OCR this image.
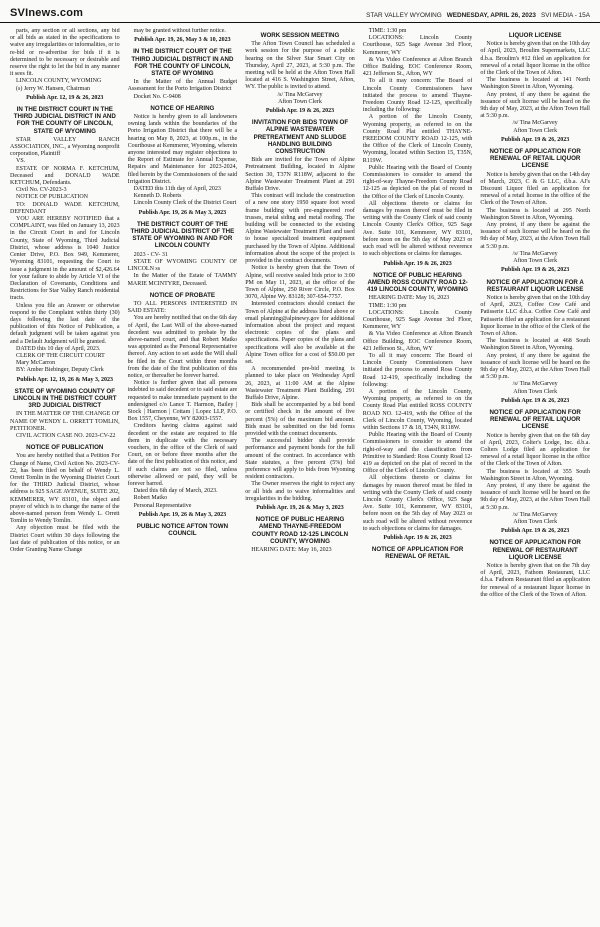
SVInews.com	STAR VALLEY WYOMING WEDNESDAY, APRIL 26, 2023 SVI MEDIA - 15A
parts, any section or all sections, any bid or all bids as stated in the specifications to waive any irregularities or informalities, or to re-bid or re-advertise for bids if it is determined to be necessary or desirable and reserve the right to let the bid in any manner it sees fit.
LINCOLN COUNTY, WYOMING
(s) Jerry W. Hansen, Chairman
Publish Apr. 12, 19 & 26, 2023
IN THE DISTRICT COURT IN THE THIRD JUDICIAL DISTRICT IN AND FOR THE COUNTY OF LINCOLN, STATE OF WYOMING
STAR VALLEY RANCH ASSOCIATION, INC., a Wyoming nonprofit corporation, Plaintiff
VS.
ESTATE OF NORMA F. KETCHUM, Deceased and DONALD WADE KETCHUM, Defendants.
Civil No. CV-2023-3
NOTICE OF PUBLICATION
TO: DONALD WADE KETCHUM, DEFENDANT
YOU ARE HEREBY NOTIFIED that a COMPLAINT, was filed on January 13, 2023 in the Circuit Court in and for Lincoln County, State of Wyoming, Third Judicial District, whose address is 1040 Justice Center Drive, P.O. Box 949, Kemmerer, Wyoming 83101, requesting the Court to issue a judgment in the amount of $2,426.64 for your failure to abide by Article VI of the Declaration of Covenants, Conditions and Restrictions for Star Valley Ranch residential tracts.
Unless you file an Answer or otherwise respond to the Complaint within thirty (30) days following the last date of the publication of this Notice of Publication, a default judgment will be taken against you and a Default Judgment will be granted.
DATED this 10 day of April, 2023.
CLERK OF THE CIRCUIT COURT
Mary McCarron
BY: Amber Biebinger, Deputy Clerk
Publish Apr. 12, 19, 26 & May 3, 2023
STATE OF WYOMING COUNTY OF LINCOLN IN THE DISTRICT COURT 3RD JUDICIAL DISTRICT
IN THE MATTER OF THE CHANGE OF NAME OF WENDY L. ORRETT TOMLIN, PETITIONER.
CIVIL ACTION CASE NO. 2023-CV-22
NOTICE OF PUBLICATION
You are hereby notified that a Petition For Change of Name, Civil Action No. 2023-CV-22, has been filed on behalf of Wendy L. Orrett Tomlin in the Wyoming District Court for the THIRD Judicial District, whose address is 925 SAGE AVENUE, SUITE 202, KEMMERER, WY 83101, the object and prayer of which is to change the name of the above-named person from Wendy L. Orrett Tomlin to Wendy Tomlin.
Any objection must be filed with the District Court within 30 days following the last date of publication of this notice, or an Order Granting Name Change
may be granted without further notice.
Publish Apr. 19, 26, May 3 & 10, 2023
IN THE DISTRICT COURT OF THE THIRD JUDICIAL DISTRICT IN AND FOR THE COUNTY OF LINCOLN, STATE OF WYOMING
In the Matter of the Annual Budget Assessment for the Porto Irrigation District
Docket No. C-9408
NOTICE OF HEARING
Notice is hereby given to all landowners owning lands within the boundaries of the Porto Irrigation District that there will be a hearing on May 8, 2023, at 100p.m., in the Courthouse at Kemmerer, Wyoming, wherein anyone interested may register objections to the Report of Estimate for Annual Expense, Repairs and Maintenance for 2023-2024, filed herein by the Commissioners of the said Irrigation District.
DATED this 11th day of April, 2023
Kenneth D. Roberts
Lincoln County Clerk of the District Court
Publish Apr. 19, 26 & May 3, 2023
THE DISTRICT COURT OF THE THIRD JUDICIAL DISTRICT OF THE STATE OF WYOMING IN AND FOR LINCOLN COUNTY
2023 - CV- 31
STATE OF WYOMING COUNTY OF LINCOLN ss
In the Matter of the Estate of TAMMY MARIE MCINTYRE, Deceased.
NOTICE OF PROBATE
TO ALL PERSONS INTERESTED IN SAID ESTATE:
You are hereby notified that on the 6th day of April, the Last Will of the above-named decedent was admitted to probate by the above-named court, and that Robert Matko was appointed as the Personal Representative thereof. Any action to set aside the Will shall be filed in the Court within three months from the date of the first publication of this notice, or thereafter be forever barred.
Notice is further given that all persons indebted to said decedent or to said estate are requested to make immediate payment to the undersigned c/o Lance T. Harmon, Bailey | Stock | Harmon | Cottam | Lopez LLP, P.O. Box 1557, Cheyenne, WY 82003-1557.
Creditors having claims against said decedent or the estate are required to file them in duplicate with the necessary vouchers, in the office of the Clerk of said Court, on or before three months after the date of the first publication of this notice, and if such claims are not so filed, unless otherwise allowed or paid, they will be forever barred.
Dated this 6th day of March, 2023.
Robert Matko
Personal Representative
Publish Apr. 19, 26 & May 3, 2023
PUBLIC NOTICE AFTON TOWN COUNCIL
WORK SESSION MEETING
The Afton Town Council has scheduled a work session for the purpose of a public hearing on the Silver Star Smart City on Thursday, April 27, 2023, at 5:30 p.m. The meeting will be held at the Afton Town Hall located at 416 S. Washington Street, Afton, WY. The public is invited to attend.
/s/ Tina McGarvey
Afton Town Clerk
Publish Apr. 19 & 26, 2023
INVITATION FOR BIDS TOWN OF ALPINE WASTEWATER PRETREATMENT AND SLUDGE HANDLING BUILDING CONSTRUCTION
Bids are invited for the Town of Alpine Pretreatment Building, located in Alpine Section 30, T37N R118W, adjacent to the Alpine Wastewater Treatment Plant at 291 Buffalo Drive.
This contract will include the construction of a new one story 1950 square foot wood frame building with pre-engineered roof trusses, metal siding and metal roofing. The building will be connected to the existing Alpine Wastewater Treatment Plant and used to house specialized treatment equipment purchased by the Town of Alpine. Additional information about the scope of the project is provided in the contract documents.
Notice is hereby given that the Town of Alpine, will receive sealed bids prior to 3:00 PM on May 11, 2023, at the office of the Town of Alpine, 250 River Circle, P.O. Box 3070, Alpine Wy. 83128; 307-654-7757.
Interested contractors should contact the Town of Alpine at the address listed above or email planning@alpinewy.gov for additional information about the project and request electronic copies of the plans and specifications. Paper copies of the plans and specifications will also be available at the Alpine Town office for a cost of $50.00 per set.
A recommended pre-bid meeting is planned to take place on Wednesday April 26, 2023, at 11:00 AM at the Alpine Wastewater Treatment Plant Building, 291 Buffalo Drive, Alpine.
Bids shall be accompanied by a bid bond or certified check in the amount of five percent (5%) of the maximum bid amount. Bids must be submitted on the bid forms provided with the contract documents.
The successful bidder shall provide performance and payment bonds for the full amount of the contract. In accordance with State statutes, a five percent (5%) bid preference will apply to bids from Wyoming resident contractors.
The Owner reserves the right to reject any or all bids and to waive informalities and irregularities in the bidding.
Publish Apr. 19, 26 & May 3, 2023
NOTICE OF PUBLIC HEARING AMEND THAYNE-FREEDOM COUNTY ROAD 12-125 LINCOLN COUNTY, WYOMING
HEARING DATE: May 16, 2023
TIME: 1:30 pm
LOCATIONS: Lincoln County Courthouse, 925 Sage Avenue 3rd Floor, Kemmerer, WY
& Via Video Conference at Afton Branch Office Building, EOC Conference Room, 421 Jefferson St., Afton, WY
To all it may concern: The Board of Lincoln County Commissioners have initiated the process to amend Thayne-Freedom County Road 12-125, specifically including the following:
A portion of the Lincoln County, Wyoming property, as referred to on the County Road Plat entitled THAYNE-FREEDOM COUNTY ROAD 12-125, with the Office of the Clerk of Lincoln County, Wyoming, located within Section 15, T35N, R119W.
Public Hearing with the Board of County Commissioners to consider to amend the right-of-way Thayne-Freedom County Road 12-125 as depicted on the plat of record in the Office of the Clerk of Lincoln County.
All objections thereto or claims for damages by reason thereof must be filed in writing with the County Clerk of said county Lincoln County Clerk's Office, 925 Sage Ave. Suite 101, Kemmerer, WY 83101, before noon on the 5th day of May 2023 or such road will be altered without reverence to such objections or claims for damages.
Publish Apr. 19 & 26, 2023
NOTICE OF PUBLIC HEARING AMEND ROSS COUNTY ROAD 12-419 LINCOLN COUNTY, WYOMING
HEARING DATE: May 16, 2023
TIME: 1:30 pm
LOCATIONS: Lincoln County Courthouse, 925 Sage Avenue 3rd Floor, Kemmerer, WY
& Via Video Conference at Afton Branch Office Building, EOC Conference Room, 421 Jefferson St., Afton, WY
To all it may concern: The Board of Lincoln County Commissioners have initiated the process to amend Ross County Road 12-419, specifically including the following:
A portion of the Lincoln County, Wyoming property, as referred to on the County Road Plat entitled ROSS COUNTY ROAD NO. 12-419, with the Office of the Clerk of Lincoln County, Wyoming, located within Sections 17 & 18, T34N, R118W.
Public Hearing with the Board of County Commissioners to consider to amend the right-of-way and the classification from Primitive to Standard: Ross County Road 12-419 as depicted on the plat of record in the Office of the Clerk of Lincoln County.
All objections thereto or claims for damages by reason thereof must be filed in writing with the County Clerk of said county Lincoln County Clerk's Office, 925 Sage Ave. Suite 101, Kemmerer, WY 83101, before noon on the 5th day of May 2023 or such road will be altered without reverence to such objections or claims for damages.
Publish Apr. 19 & 26, 2023
NOTICE OF APPLICATION FOR RENEWAL OF RETAIL
LIQUOR LICENSE
Notice is hereby given that on the 10th day of April, 2023, Broulim Supermarkets, LLC d.b.a. Broulim's #12 filed an application for renewal of a retail liquor license in the office of the Clerk of the Town of Afton.
The business is located at 141 North Washington Street in Afton, Wyoming.
Any protest, if any there be against the issuance of such license will be heard on the 9th day of May, 2023, at the Afton Town Hall at 5:30 p.m.
/s/ Tina McGarvey
Afton Town Clerk
Publish Apr. 19 & 26, 2023
NOTICE OF APPLICATION FOR RENEWAL OF RETAIL LIQUOR LICENSE
Notice is hereby given that on the 14th day of March, 2023, C & G LLC, d.b.a. AJ's Discount Liquor filed an application for renewal of a retail license in the office of the Clerk of the Town of Afton.
The business is located at 295 North Washington Street in Afton, Wyoming.
Any protest, if any there be against the issuance of such license will be heard on the 9th day of May, 2023, at the Afton Town Hall at 5:30 p.m.
/s/ Tina McGarvey
Afton Town Clerk
Publish Apr. 19 & 26, 2023
NOTICE OF APPLICATION FOR A RESTAURANT LIQUOR LICENSE
Notice is hereby given that on the 10th day of April, 2023, Coffee Cow Café and Patisserie LLC d.b.a. Coffee Cow Café and Patisserie filed an application for a restaurant liquor license in the office of the Clerk of the Town of Afton.
The business is located at 468 South Washington Street in Afton, Wyoming.
Any protest, if any there be against the issuance of such license will be heard on the 9th day of May, 2023, at the Afton Town Hall at 5:30 p.m.
/s/ Tina McGarvey
Afton Town Clerk
Publish Apr. 19 & 26, 2023
NOTICE OF APPLICATION FOR RENEWAL OF RETAIL LIQUOR LICENSE
Notice is hereby given that on the 6th day of April, 2023, Colter's Lodge, Inc. d.b.a. Colters Lodge filed an application for renewal of a retail liquor license in the office of the Clerk of the Town of Afton.
The business is located at 355 South Washington Street in Afton, Wyoming.
Any protest, if any there be against the issuance of such license will be heard on the 9th day of May, 2023, at the Afton Town Hall at 5:30 p.m.
/s/ Tina McGarvey
Afton Town Clerk
Publish Apr. 19 & 26, 2023
NOTICE OF APPLICATION FOR RENEWAL OF RESTAURANT LIQUOR LICENSE
Notice is hereby given that on the 7th day of April, 2023, Fathom Restaurant, LLC d.b.a. Fathom Restaurant filed an application for renewal of a restaurant liquor license in the office of the Clerk of the Town of Afton.
